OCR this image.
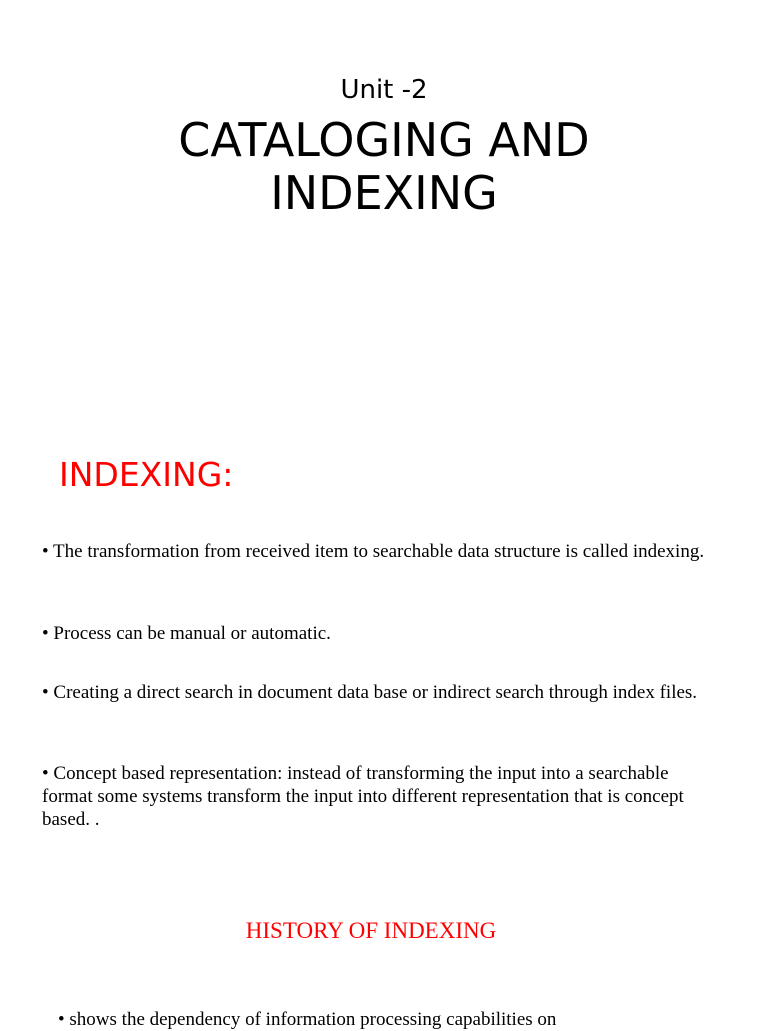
Unit -2
CATALOGING AND
INDEXING
INDEXING:

• The transformation from received item to searchable data structure is called indexing.

• Process can be manual or automatic.

• Creating a direct search in document data base or indirect search through index files.

• Concept based representation: instead of transforming the input into a searchable format some systems transform the input into different representation that is concept based. .

HISTORY OF INDEXING
• shows the dependency of information processing capabilities on
